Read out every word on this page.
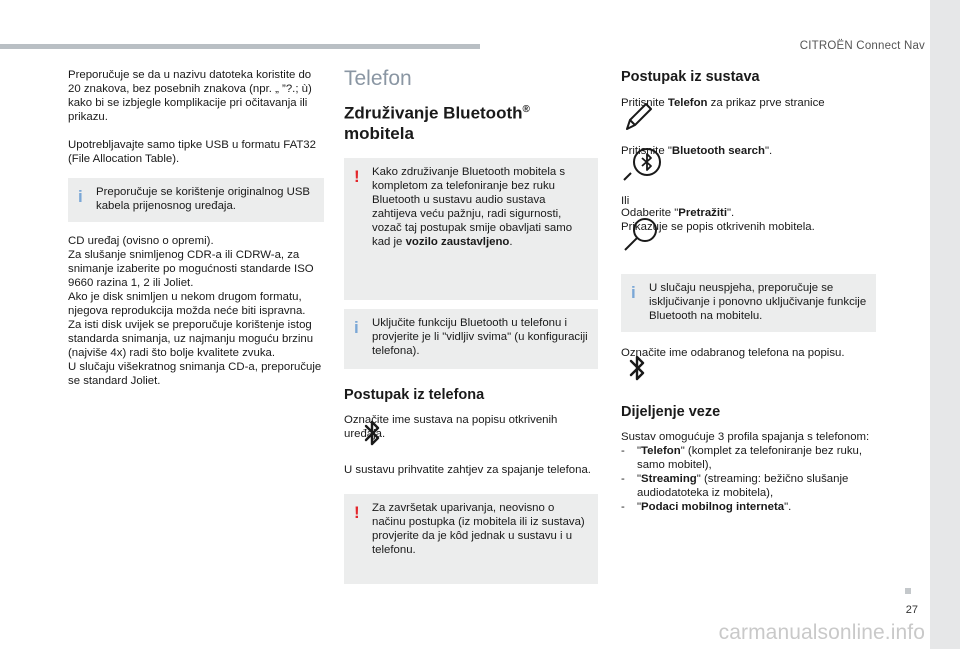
CITROËN Connect Nav

Preporučuje se da u nazivu datoteka koristite do 20 znakova, bez posebnih znakova (npr. „ ”?.; ù) kako bi se izbjegle komplikacije pri očitavanja ili prikazu.

Upotrebljavajte samo tipke USB u formatu FAT32 (File Allocation Table).

i Preporučuje se korištenje originalnog USB kabela prijenosnog uređaja.

CD uređaj (ovisno o opremi).

Za slušanje snimljenog CDR-a ili CDRW-a, za snimanje izaberite po mogućnosti standarde ISO 9660 razina 1, 2 ili Joliet.

Ako je disk snimljen u nekom drugom formatu, njegova reprodukcija možda neće biti ispravna.

Za isti disk uvijek se preporučuje korištenje istog standarda snimanja, uz najmanju moguću brzinu (najviše 4x) radi što bolje kvalitete zvuka.

U slučaju višekratnog snimanja CD-a, preporučuje se standard Joliet.

Telefon
Združivanje Bluetooth®
mobitela
! Kako združivanje Bluetooth mobitela s kompletom za telefoniranje bez ruku Bluetooth u sustavu audio sustava zahtijeva veću pažnju, radi sigurnosti, vozač taj postupak smije obavljati samo kad je vozilo zaustavljeno.
i Uključite funkciju Bluetooth u telefonu i provjerite je li "vidljiv svima" (u konfiguraciji telefona).
Postupak iz telefona

Označite ime sustava na popisu otkrivenih uređaja.

U sustavu prihvatite zahtjev za spajanje telefona.

! Za završetak uparivanja, neovisno o načinu postupka (iz mobitela ili iz sustava) provjerite da je kôd jednak u sustavu i u telefonu.
Postupak iz sustava

Pritisnite Telefon za prikaz prve stranice

Pritisnite "Bluetooth search".

Ili

Odaberite "Pretražiti".

Prikazuje se popis otkrivenih mobitela.

i U slučaju neuspjeha, preporučuje se isključivanje i ponovno uključivanje funkcije Bluetooth na mobitelu.

Označite ime odabranog telefona na popisu.

Dijeljenje veze

Sustav omogućuje 3 profila spajanja s telefonom:

-	"Telefon" (komplet za telefoniranje bez ruku, samo mobitel),
-	"Streaming" (streaming: bežično slušanje audiodatoteka iz mobitela),
-	"Podaci mobilnog interneta".
27
carmanualsonline.info
